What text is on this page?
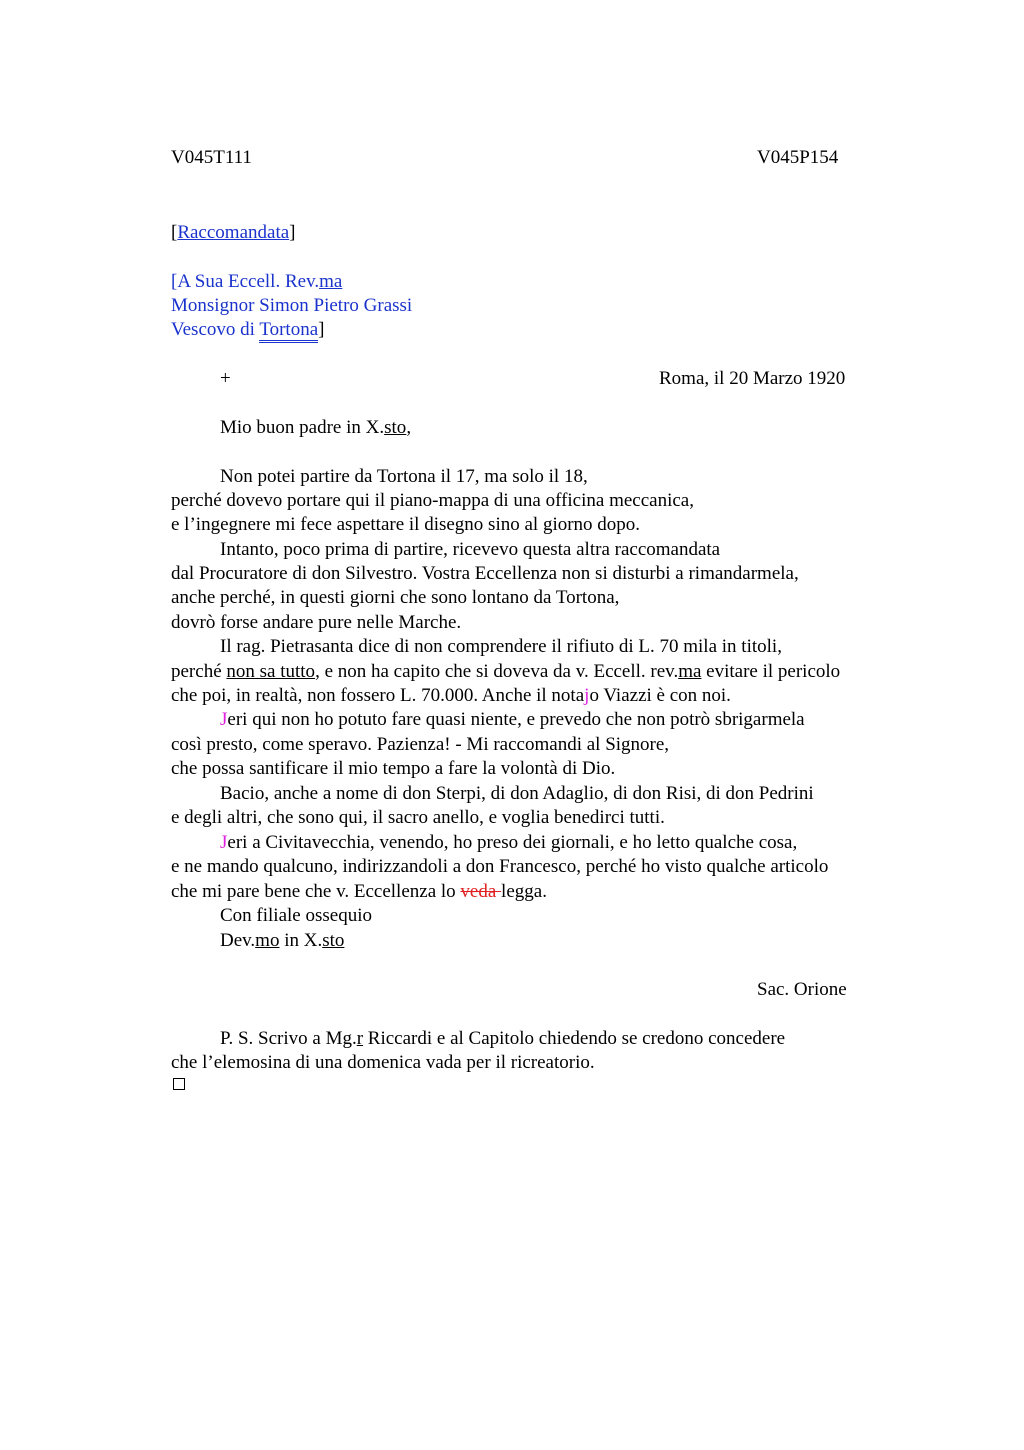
V045T111	V045P154
[Raccomandata]
[A Sua Eccell. Rev.ma
Monsignor Simon Pietro Grassi
Vescovo di Tortona]
+	Roma, il 20 Marzo 1920
Mio buon padre in X.sto,
Non potei partire da Tortona il 17, ma solo il 18,
perché dovevo portare qui il piano-mappa di una officina meccanica,
e l’ingegnere mi fece aspettare il disegno sino al giorno dopo.
Intanto, poco prima di partire, ricevevo questa altra raccomandata
dal Procuratore di don Silvestro. Vostra Eccellenza non si disturbi a rimandarmela,
anche perché, in questi giorni che sono lontano da Tortona,
dovrò forse andare pure nelle Marche.
Il rag. Pietrasanta dice di non comprendere il rifiuto di L. 70 mila in titoli,
perché non sa tutto, e non ha capito che si doveva da v. Eccell. rev.ma evitare il pericolo
che poi, in realtà, non fossero L. 70.000. Anche il notajo Viazzi è con noi.
Jeri qui non ho potuto fare quasi niente, e prevedo che non potrò sbrigarmela
così presto, come speravo. Pazienza! - Mi raccomandi al Signore,
che possa santificare il mio tempo a fare la volontà di Dio.
Bacio, anche a nome di don Sterpi, di don Adaglio, di don Risi, di don Pedrini
e degli altri, che sono qui, il sacro anello, e voglia benedirci tutti.
Jeri a Civitavecchia, venendo, ho preso dei giornali, e ho letto qualche cosa,
e ne mando qualcuno, indirizzandoli a don Francesco, perché ho visto qualche articolo
che mi pare bene che v. Eccellenza lo veda legga.
Con filiale ossequio
Dev.mo in X.sto
Sac. Orione
P. S. Scrivo a Mg.r Riccardi e al Capitolo chiedendo se credono concedere
che l’elemosina di una domenica vada per il ricreatorio.
